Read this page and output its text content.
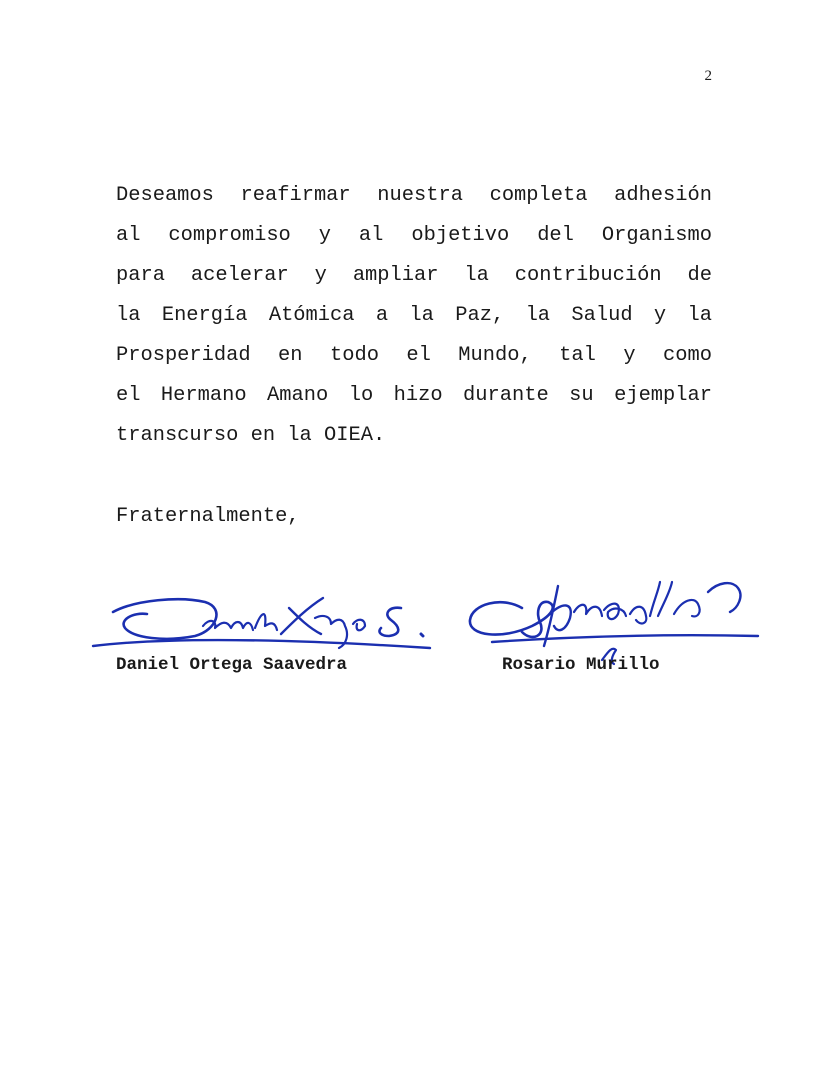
2
Deseamos reafirmar nuestra completa adhesión
al compromiso y al objetivo del Organismo
para acelerar y ampliar la contribución de
la Energía Atómica a la Paz, la Salud y la
Prosperidad en todo el Mundo, tal y como
el Hermano Amano lo hizo durante su ejemplar
transcurso en la OIEA.
Fraternalmente,
Daniel Ortega Saavedra	Rosario Murillo
